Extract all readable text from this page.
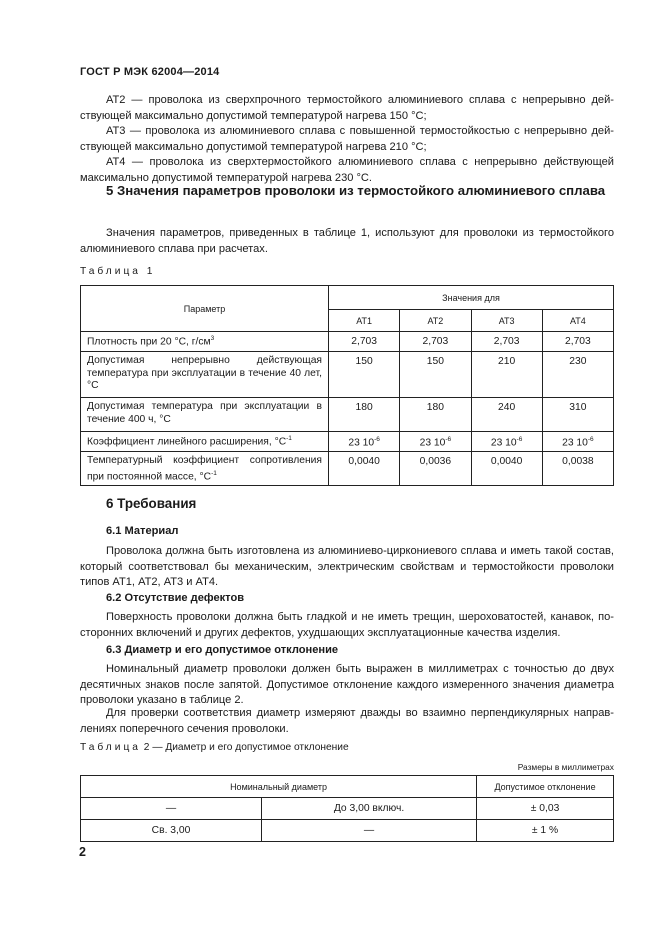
ГОСТ Р МЭК 62004—2014
АТ2 — проволока из сверхпрочного термостойкого алюминиевого сплава с непрерывно действующей максимально допустимой температурой нагрева 150 °С;
АТ3 — проволока из алюминиевого сплава с повышенной термостойкостью с непрерывно действующей максимально допустимой температурой нагрева 210 °С;
АТ4 — проволока из сверхтермостойкого алюминиевого сплава с непрерывно действующей максимально допустимой температурой нагрева 230 °С.
5 Значения параметров проволоки из термостойкого алюминиевого сплава
Значения параметров, приведенных в таблице 1, используют для проволоки из термостойкого алюминиевого сплава при расчетах.
Таблица 1
Параметр	Значения для			
	АТ1	АТ2	АТ3	АТ4
Плотность при 20 °С, $г/см^3$	2,703	2,703	2,703	2,703
Допустимая непрерывно действующая температура при эксплуатации в течение 40 лет, °С	150	150	210	230
Допустимая температура при эксплуатации в течение 400 ч, °С	180	180	240	310
Коэффициент линейного расширения, $^\circ С^{-1}$	23 $10^{-6}$	23 $10^{-6}$	23 $10^{-6}$	23 $10^{-6}$
Температурный коэффициент сопротивления при постоянной массе, $^\circ С^{-1}$	0,0040	0,0036	0,0040	0,0038
6 Требования
6.1 Материал
Проволока должна быть изготовлена из алюминиево-циркониевого сплава и иметь такой состав, который соответствовал бы механическим, электрическим свойствам и термостойкости проволоки типов АТ1, АТ2, АТ3 и АТ4.
6.2 Отсутствие дефектов
Поверхность проволоки должна быть гладкой и не иметь трещин, шероховатостей, канавок, посторонних включений и других дефектов, ухудшающих эксплуатационные качества изделия.
6.3 Диаметр и его допустимое отклонение
Номинальный диаметр проволоки должен быть выражен в миллиметрах с точностью до двух десятичных знаков после запятой. Допустимое отклонение каждого измеренного значения диаметра проволоки указано в таблице 2.
Для проверки соответствия диаметр измеряют дважды во взаимно перпендикулярных направлениях поперечного сечения проволоки.
Таблица 2 — Диаметр и его допустимое отклонение
Размеры в миллиметрах
Номинальный диаметр		Допустимое отклонение
—	До 3,00 включ.	± 0,03
Св. 3,00	—	± 1 %
2
